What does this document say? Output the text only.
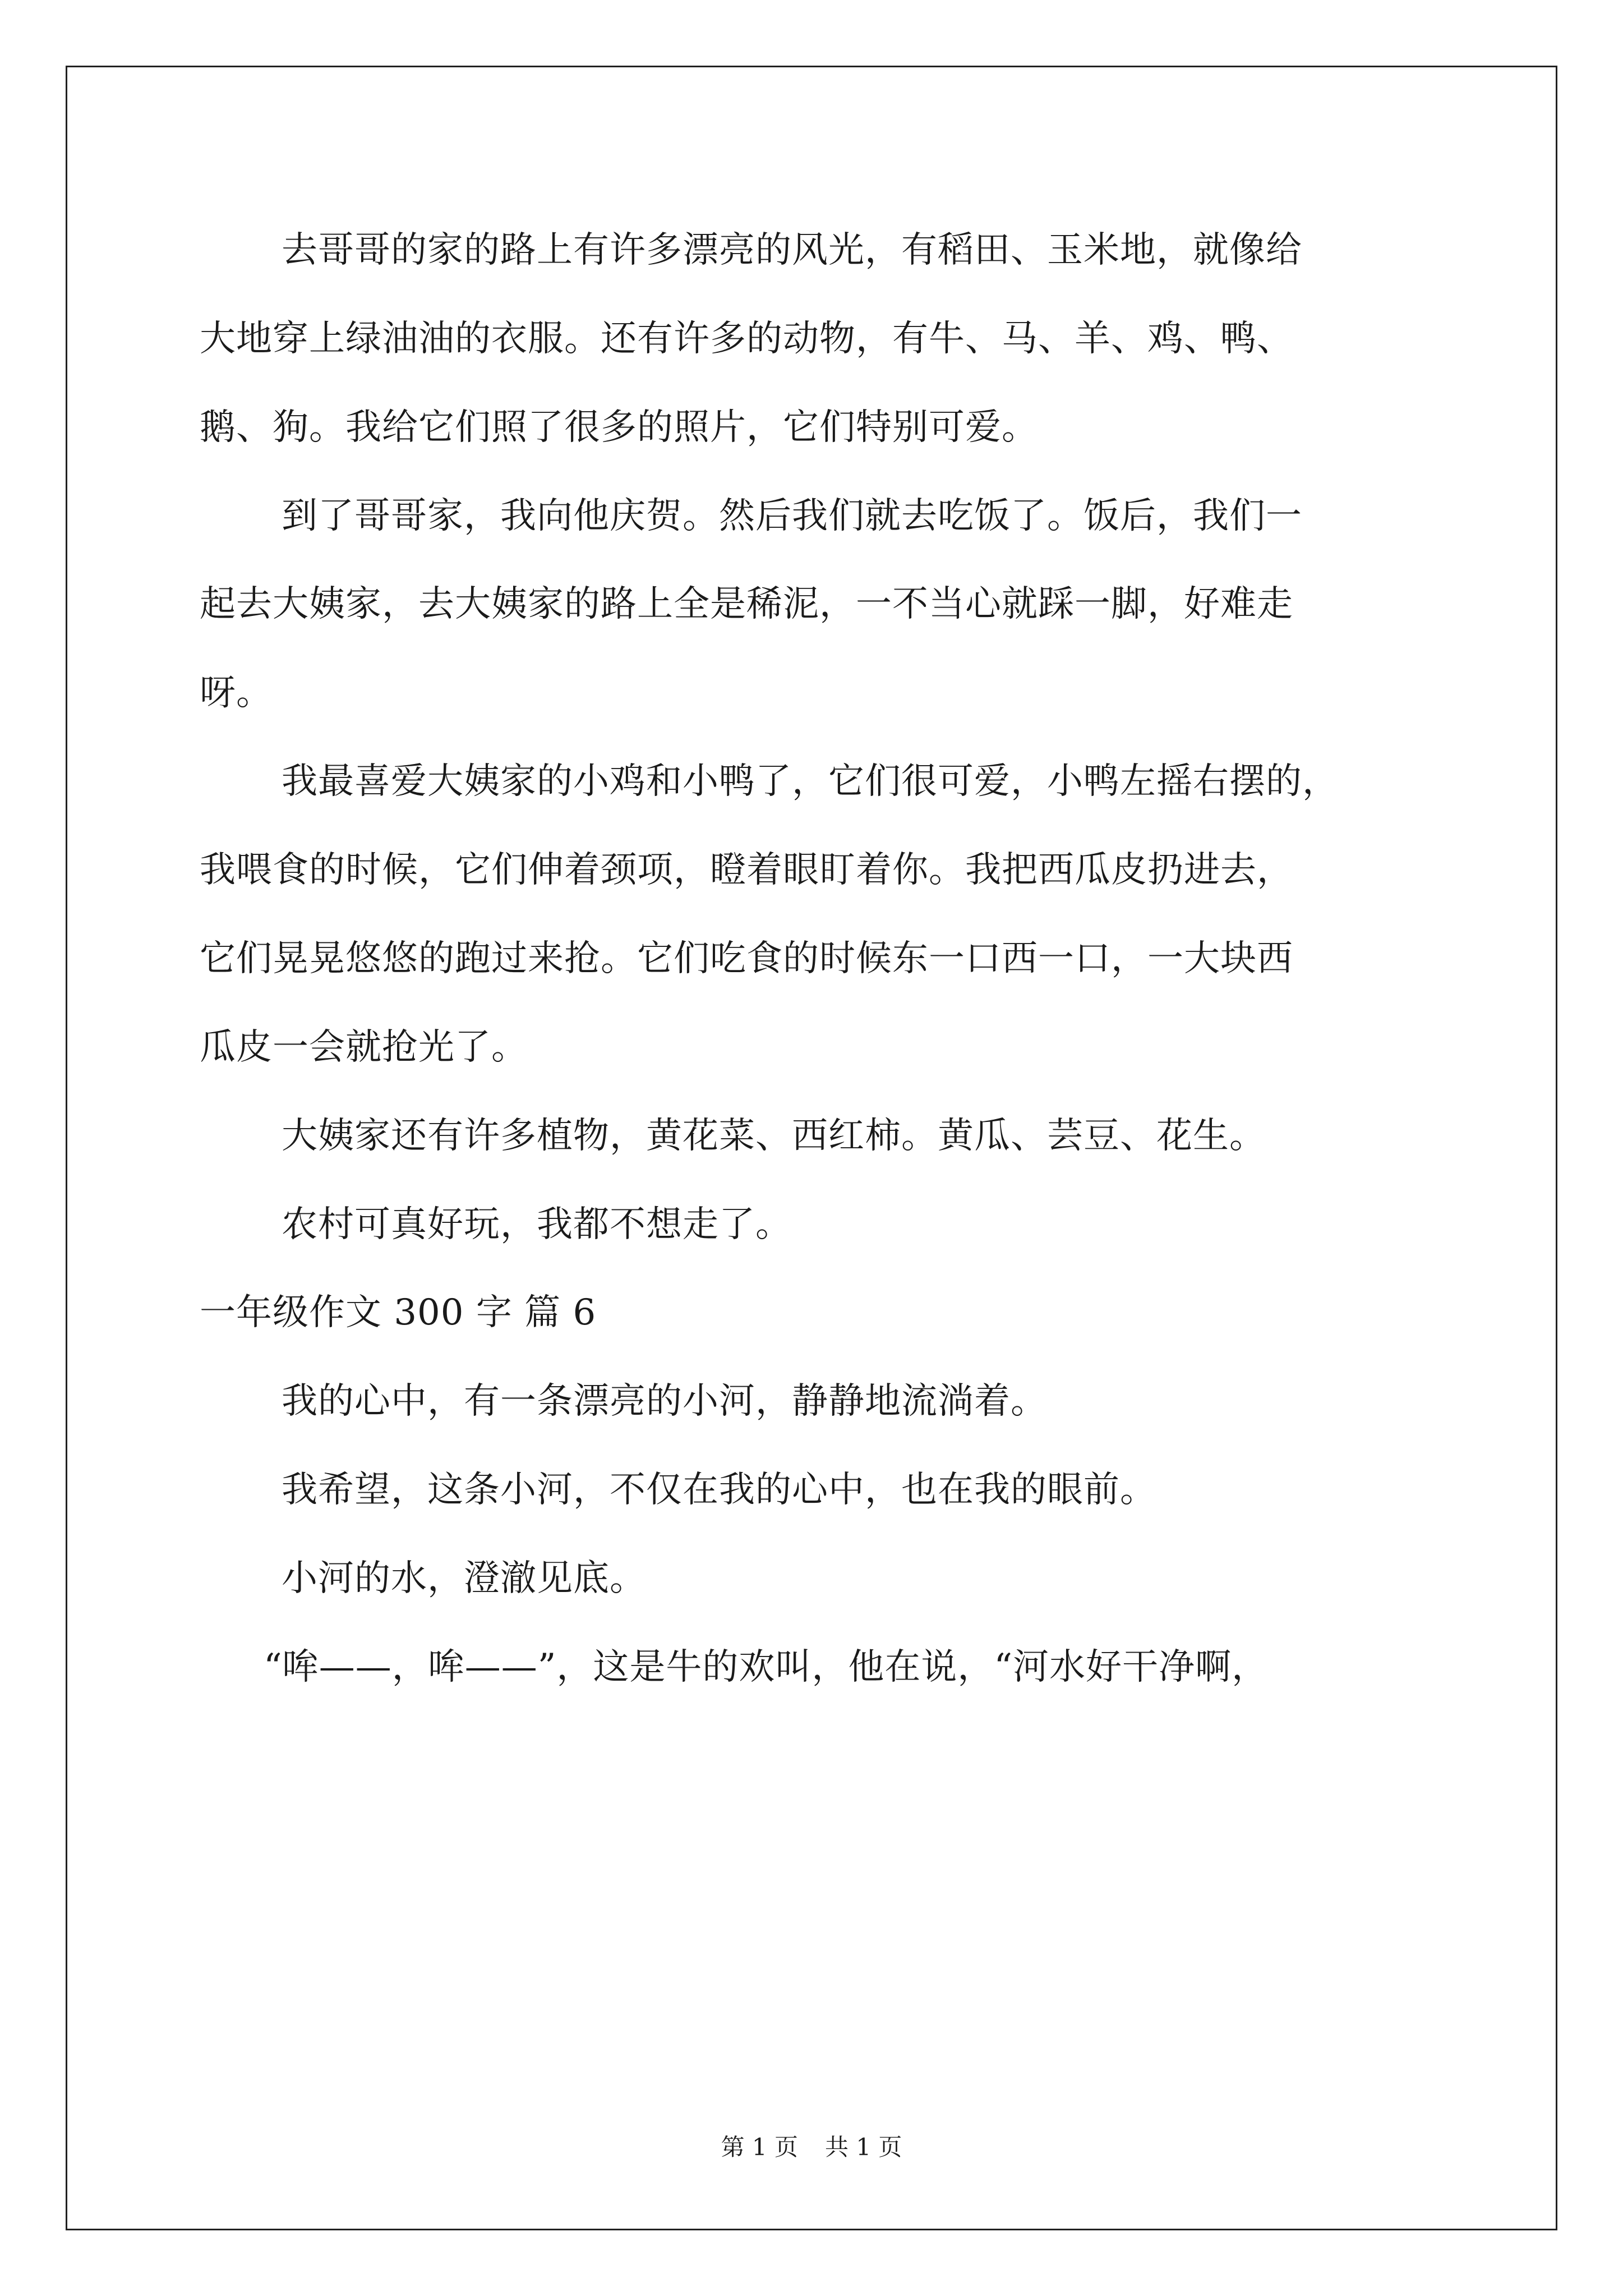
去哥哥的家的路上有许多漂亮的风光，有稻田、玉米地，就像给
大地穿上绿油油的衣服。还有许多的动物，有牛、马、羊、鸡、鸭、
鹅、狗。我给它们照了很多的照片，它们特别可爱。
到了哥哥家，我向他庆贺。然后我们就去吃饭了。饭后，我们一
起去大姨家，去大姨家的路上全是稀泥，一不当心就踩一脚，好难走
呀。
我最喜爱大姨家的小鸡和小鸭了，它们很可爱，小鸭左摇右摆的，
我喂食的时候，它们伸着颈项，瞪着眼盯着你。我把西瓜皮扔进去，
它们晃晃悠悠的跑过来抢。它们吃食的时候东一口西一口，一大块西
瓜皮一会就抢光了。
大姨家还有许多植物，黄花菜、西红柿。黄瓜、芸豆、花生。
农村可真好玩，我都不想走了。
一年级作文 300 字 篇 6
我的心中，有一条漂亮的小河，静静地流淌着。
我希望，这条小河，不仅在我的心中，也在我的眼前。
小河的水，澄澈见底。
“哞——，哞——”，这是牛的欢叫，他在说，“河水好干净啊，
第 1 页 共 1 页
